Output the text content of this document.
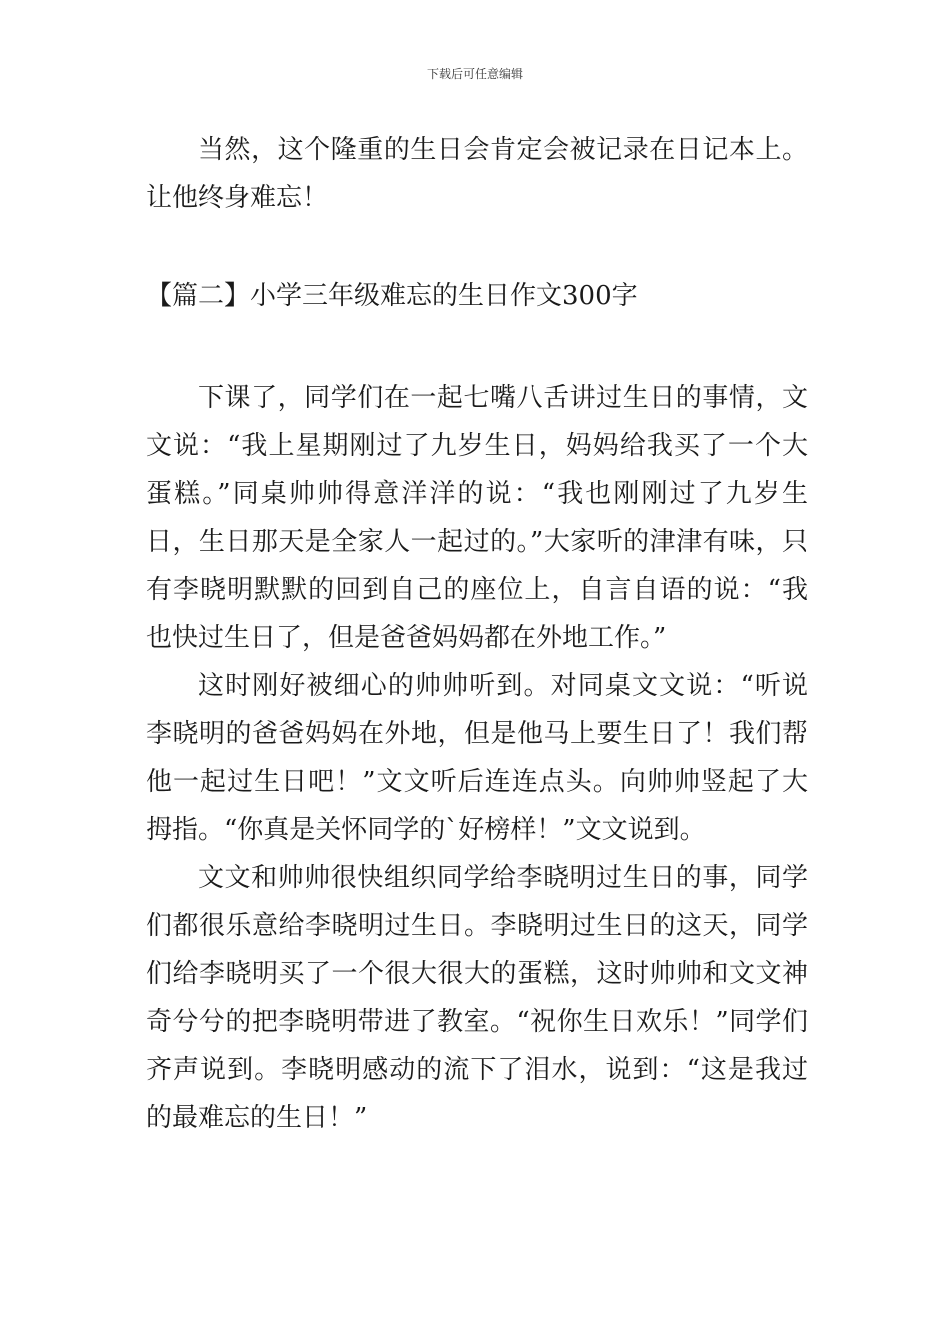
下载后可任意编辑

当然，这个隆重的生日会肯定会被记录在日记本上。让他终身难忘！

【篇二】小学三年级难忘的生日作文300字

下课了，同学们在一起七嘴八舌讲过生日的事情，文文说：“我上星期刚过了九岁生日，妈妈给我买了一个大蛋糕。”同桌帅帅得意洋洋的说：“我也刚刚过了九岁生日，生日那天是全家人一起过的。”大家听的津津有味，只有李晓明默默的回到自己的座位上，自言自语的说：“我也快过生日了，但是爸爸妈妈都在外地工作。”

这时刚好被细心的帅帅听到。对同桌文文说：“听说李晓明的爸爸妈妈在外地，但是他马上要生日了！我们帮他一起过生日吧！”文文听后连连点头。向帅帅竖起了大拇指。“你真是关怀同学的`好榜样！”文文说到。

文文和帅帅很快组织同学给李晓明过生日的事，同学们都很乐意给李晓明过生日。李晓明过生日的这天，同学们给李晓明买了一个很大很大的蛋糕，这时帅帅和文文神奇兮兮的把李晓明带进了教室。“祝你生日欢乐！”同学们齐声说到。李晓明感动的流下了泪水，说到：“这是我过的最难忘的生日！”
